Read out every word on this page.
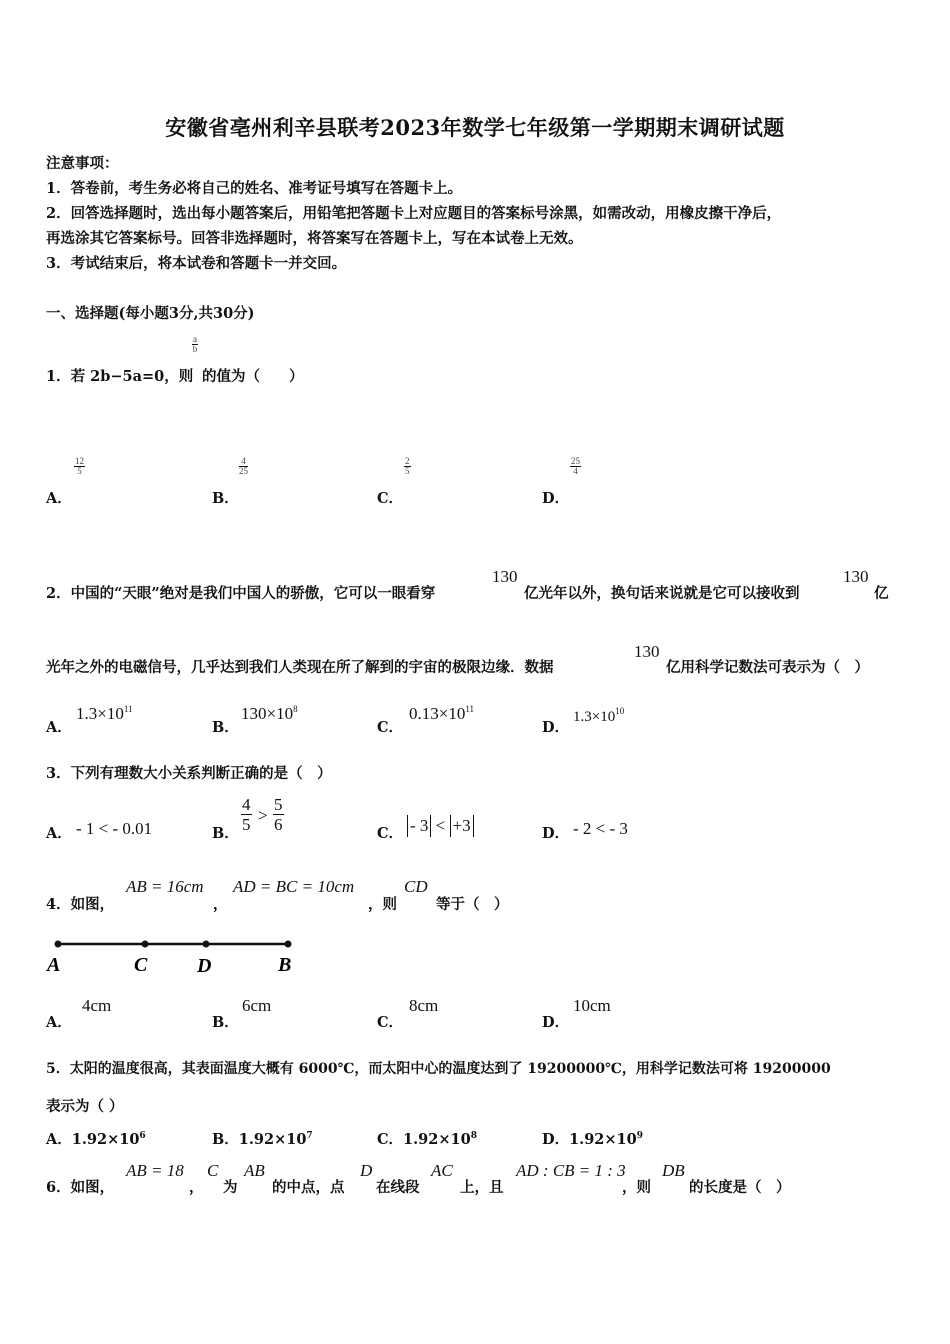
安徽省亳州利辛县联考2023年数学七年级第一学期期末调研试题
注意事项：
1．答卷前，考生务必将自己的姓名、准考证号填写在答题卡上。
2．回答选择题时，选出每小题答案后，用铅笔把答题卡上对应题目的答案标号涂黑，如需改动，用橡皮擦干净后，
再选涂其它答案标号。回答非选择题时，将答案写在答题卡上，写在本试卷上无效。
3．考试结束后，将本试卷和答题卡一并交回。
一、选择题(每小题3分,共30分)
1．若 2b−5a=0，则
a
b
的值为（　　）
A．
12
5
B．
4
25
C．
2
5
D．
25
4
2．中国的“天眼”绝对是我们中国人的骄傲，它可以一眼看穿
130
亿光年以外，换句话来说就是它可以接收到
130
亿
光年之外的电磁信号，几乎达到我们人类现在所了解到的宇宙的极限边缘．数据
130
亿用科学记数法可表示为（　）
A．
$1.3\times 10^{11}$
B．
$130\times 10^8$
C．
$0.13\times 10^{11}$
D．
$1.3\times 10^{10}$
3．下列有理数大小关系判断正确的是（　）
A． - 1 < - 0.01	B．
4
5 >
5
6	C． - 3 < +3	D． - 2 < - 3
4．如图，
AB = 16cm
，
AD = BC = 10cm
，则
CD
等于（　）
A	C D	B
A．
4cm
B．
6cm
C．
8cm
D．
10cm
5．太阳的温度很高，其表面温度大概有 6000℃，而太阳中心的温度达到了 19200000℃，用科学记数法可将 19200000
表示为（ ）
A．$1.92\times 10^6$	B．$1.92\times 10^7$	C．$1.92\times 10^8$	D．$1.92\times 10^9$
6．如图，
AB = 18
，
C
为
AB
的中点，点
D
在线段
AC
上，且
AD : CB = 1 : 3
，则
DB
的长度是（　）
